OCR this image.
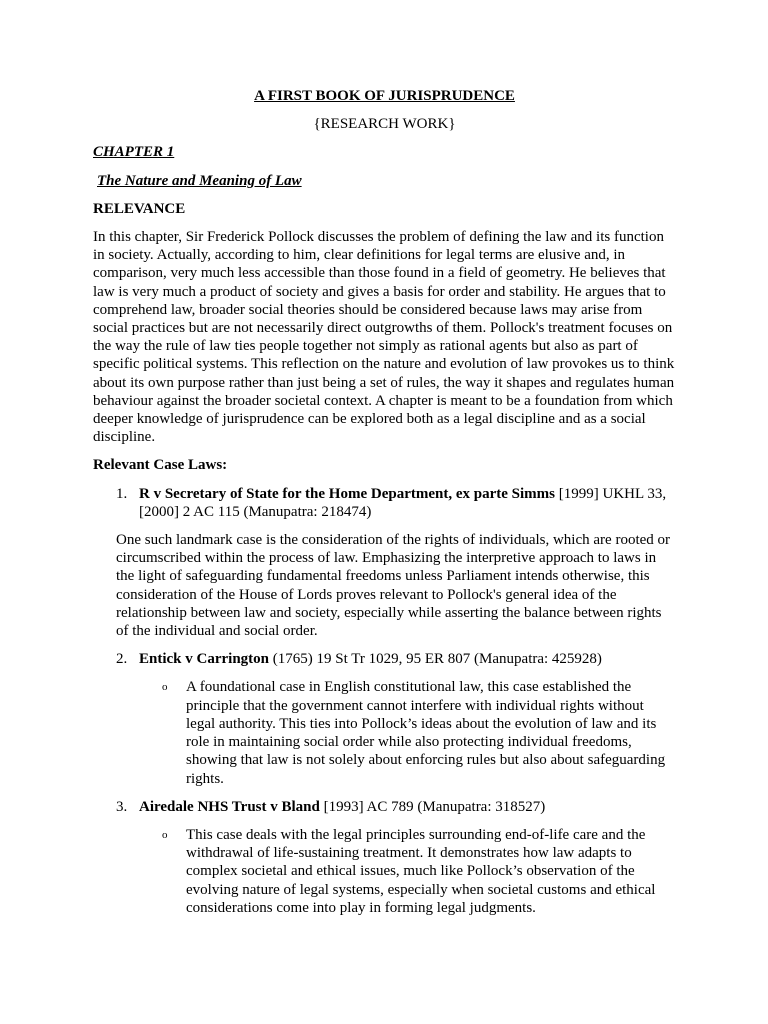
A FIRST BOOK OF JURISPRUDENCE

{RESEARCH WORK}

CHAPTER 1

The Nature and Meaning of Law

RELEVANCE

In this chapter, Sir Frederick Pollock discusses the problem of defining the law and its function in society. Actually, according to him, clear definitions for legal terms are elusive and, in comparison, very much less accessible than those found in a field of geometry. He believes that law is very much a product of society and gives a basis for order and stability. He argues that to comprehend law, broader social theories should be considered because laws may arise from social practices but are not necessarily direct outgrowths of them. Pollock's treatment focuses on the way the rule of law ties people together not simply as rational agents but also as part of specific political systems. This reflection on the nature and evolution of law provokes us to think about its own purpose rather than just being a set of rules, the way it shapes and regulates human behaviour against the broader societal context. A chapter is meant to be a foundation from which deeper knowledge of jurisprudence can be explored both as a legal discipline and as a social discipline.

Relevant Case Laws:

1. R v Secretary of State for the Home Department, ex parte Simms [1999] UKHL 33, [2000] 2 AC 115 (Manupatra: 218474)

One such landmark case is the consideration of the rights of individuals, which are rooted or circumscribed within the process of law. Emphasizing the interpretive approach to laws in the light of safeguarding fundamental freedoms unless Parliament intends otherwise, this consideration of the House of Lords proves relevant to Pollock's general idea of the relationship between law and society, especially while asserting the balance between rights of the individual and social order.

2. Entick v Carrington (1765) 19 St Tr 1029, 95 ER 807 (Manupatra: 425928)
o	A foundational case in English constitutional law, this case established the principle that the government cannot interfere with individual rights without legal authority. This ties into Pollock’s ideas about the evolution of law and its role in maintaining social order while also protecting individual freedoms, showing that law is not solely about enforcing rules but also about safeguarding rights.
3. Airedale NHS Trust v Bland [1993] AC 789 (Manupatra: 318527)
o	This case deals with the legal principles surrounding end-of-life care and the withdrawal of life-sustaining treatment. It demonstrates how law adapts to complex societal and ethical issues, much like Pollock’s observation of the evolving nature of legal systems, especially when societal customs and ethical considerations come into play in forming legal judgments.
